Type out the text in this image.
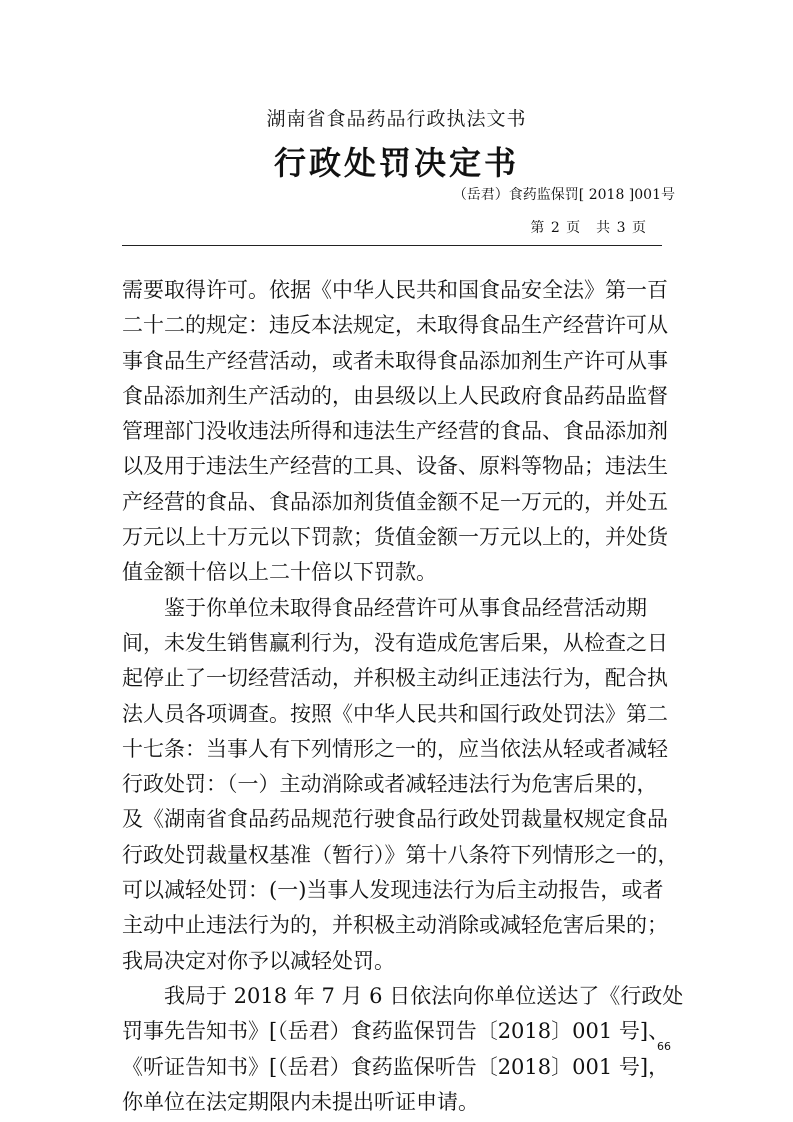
湖南省食品药品行政执法文书
行政处罚决定书
（岳君）食药监保罚[ 2018 ]001号
第 2 页　共 3 页
需要取得许可。依据《中华人民共和国食品安全法》第一百
二十二的规定：违反本法规定，未取得食品生产经营许可从
事食品生产经营活动，或者未取得食品添加剂生产许可从事
食品添加剂生产活动的，由县级以上人民政府食品药品监督
管理部门没收违法所得和违法生产经营的食品、食品添加剂
以及用于违法生产经营的工具、设备、原料等物品；违法生
产经营的食品、食品添加剂货值金额不足一万元的，并处五
万元以上十万元以下罚款；货值金额一万元以上的，并处货
值金额十倍以上二十倍以下罚款。
　　鉴于你单位未取得食品经营许可从事食品经营活动期
间，未发生销售赢利行为，没有造成危害后果，从检查之日
起停止了一切经营活动，并积极主动纠正违法行为，配合执
法人员各项调查。按照《中华人民共和国行政处罚法》第二
十七条：当事人有下列情形之一的，应当依法从轻或者减轻
行政处罚：（一）主动消除或者减轻违法行为危害后果的，
及《湖南省食品药品规范行驶食品行政处罚裁量权规定食品
行政处罚裁量权基准（暂行）》第十八条符下列情形之一的，
可以减轻处罚：(一)当事人发现违法行为后主动报告，或者
主动中止违法行为的，并积极主动消除或减轻危害后果的；
我局决定对你予以减轻处罚。
　　我局于 2018 年 7 月 6 日依法向你单位送达了《行政处
罚事先告知书》[（岳君）食药监保罚告〔2018〕001 号]、
《听证告知书》[（岳君）食药监保听告〔2018〕001 号]，
你单位在法定期限内未提出听证申请。
66
